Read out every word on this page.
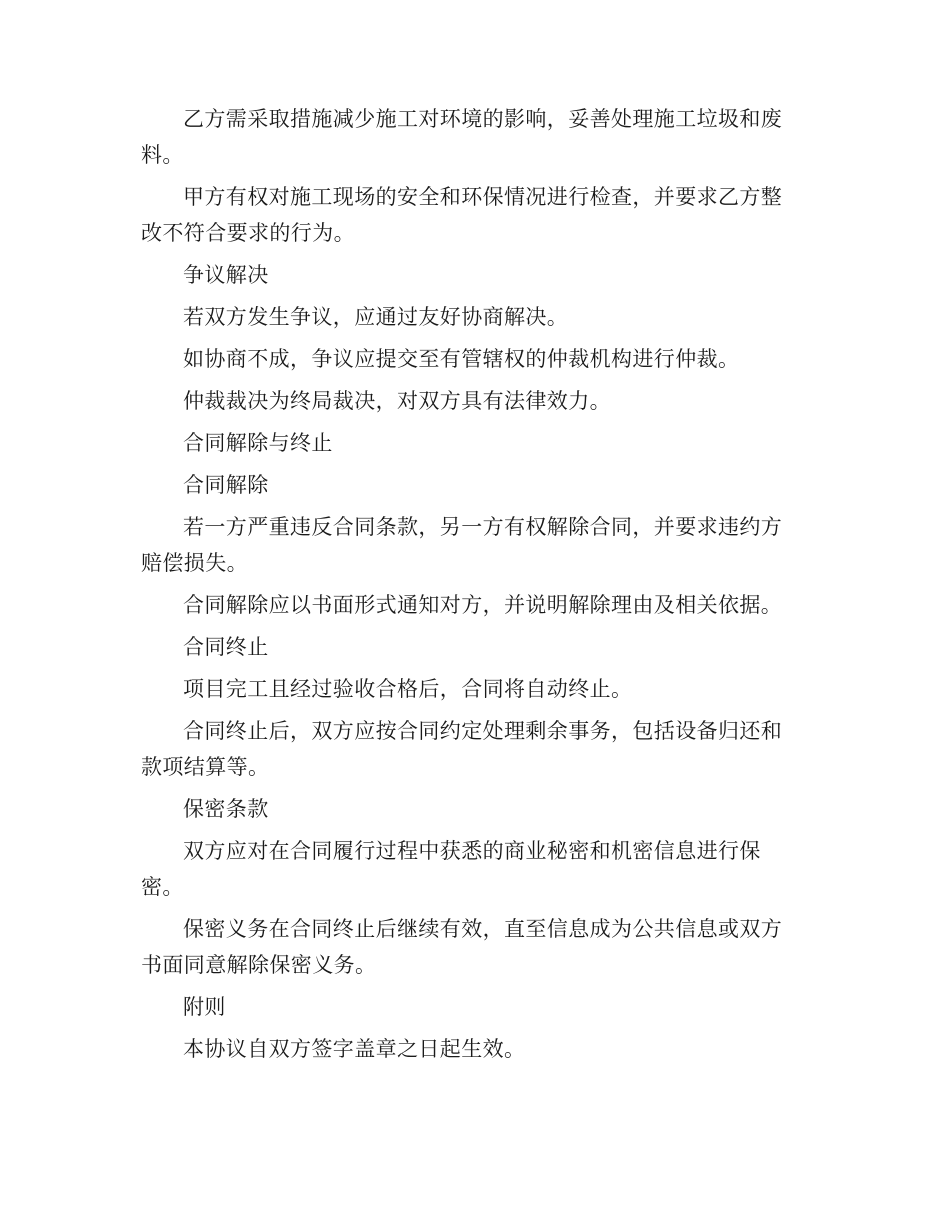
乙方需采取措施减少施工对环境的影响，妥善处理施工垃圾和废料。

甲方有权对施工现场的安全和环保情况进行检查，并要求乙方整改不符合要求的行为。

争议解决

若双方发生争议，应通过友好协商解决。

如协商不成，争议应提交至有管辖权的仲裁机构进行仲裁。

仲裁裁决为终局裁决，对双方具有法律效力。

合同解除与终止

合同解除

若一方严重违反合同条款，另一方有权解除合同，并要求违约方赔偿损失。

合同解除应以书面形式通知对方，并说明解除理由及相关依据。

合同终止

项目完工且经过验收合格后，合同将自动终止。

合同终止后，双方应按合同约定处理剩余事务，包括设备归还和款项结算等。

保密条款

双方应对在合同履行过程中获悉的商业秘密和机密信息进行保密。

保密义务在合同终止后继续有效，直至信息成为公共信息或双方书面同意解除保密义务。

附则

本协议自双方签字盖章之日起生效。
